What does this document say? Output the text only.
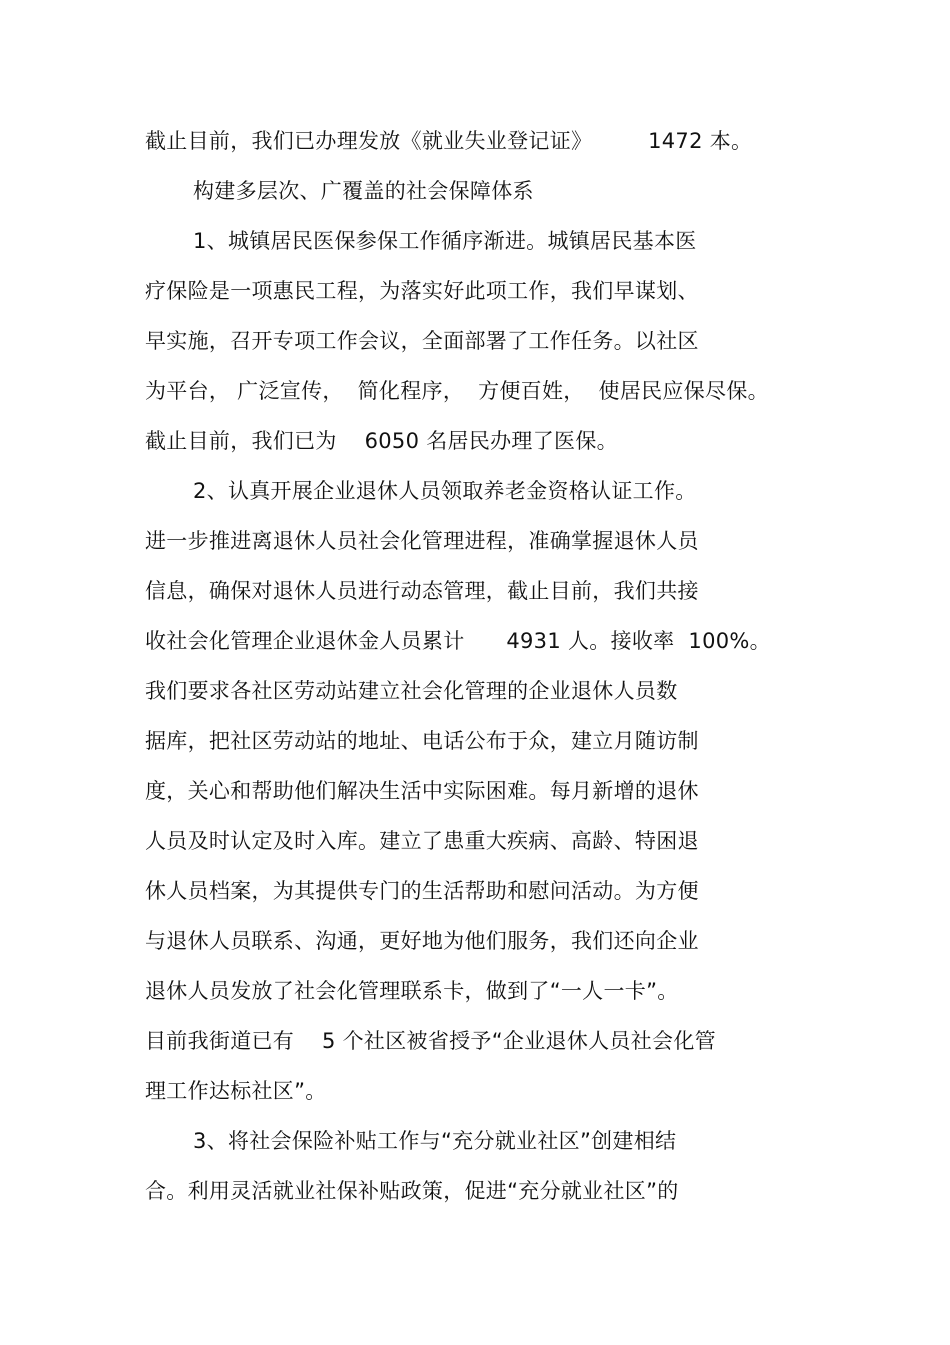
截止目前，我们已办理发放《就业失业登记证》        1472 本。
构建多层次、广覆盖的社会保障体系
1、城镇居民医保参保工作循序渐进。城镇居民基本医
疗保险是一项惠民工程，为落实好此项工作，我们早谋划、
早实施，召开专项工作会议，全面部署了工作任务。以社区
为平台， 广泛宣传，  简化程序，  方便百姓，  使居民应保尽保。
截止目前，我们已为    6050 名居民办理了医保。
2、认真开展企业退休人员领取养老金资格认证工作。
进一步推进离退休人员社会化管理进程，准确掌握退休人员
信息，确保对退休人员进行动态管理，截止目前，我们共接
收社会化管理企业退休金人员累计      4931 人。接收率  100%。
我们要求各社区劳动站建立社会化管理的企业退休人员数
据库，把社区劳动站的地址、电话公布于众，建立月随访制
度，关心和帮助他们解决生活中实际困难。每月新增的退休
人员及时认定及时入库。建立了患重大疾病、高龄、特困退
休人员档案，为其提供专门的生活帮助和慰问活动。为方便
与退休人员联系、沟通，更好地为他们服务，我们还向企业
退休人员发放了社会化管理联系卡，做到了“一人一卡”。
目前我街道已有    5 个社区被省授予“企业退休人员社会化管
理工作达标社区”。
3、将社会保险补贴工作与“充分就业社区”创建相结
合。利用灵活就业社保补贴政策，促进“充分就业社区”的
